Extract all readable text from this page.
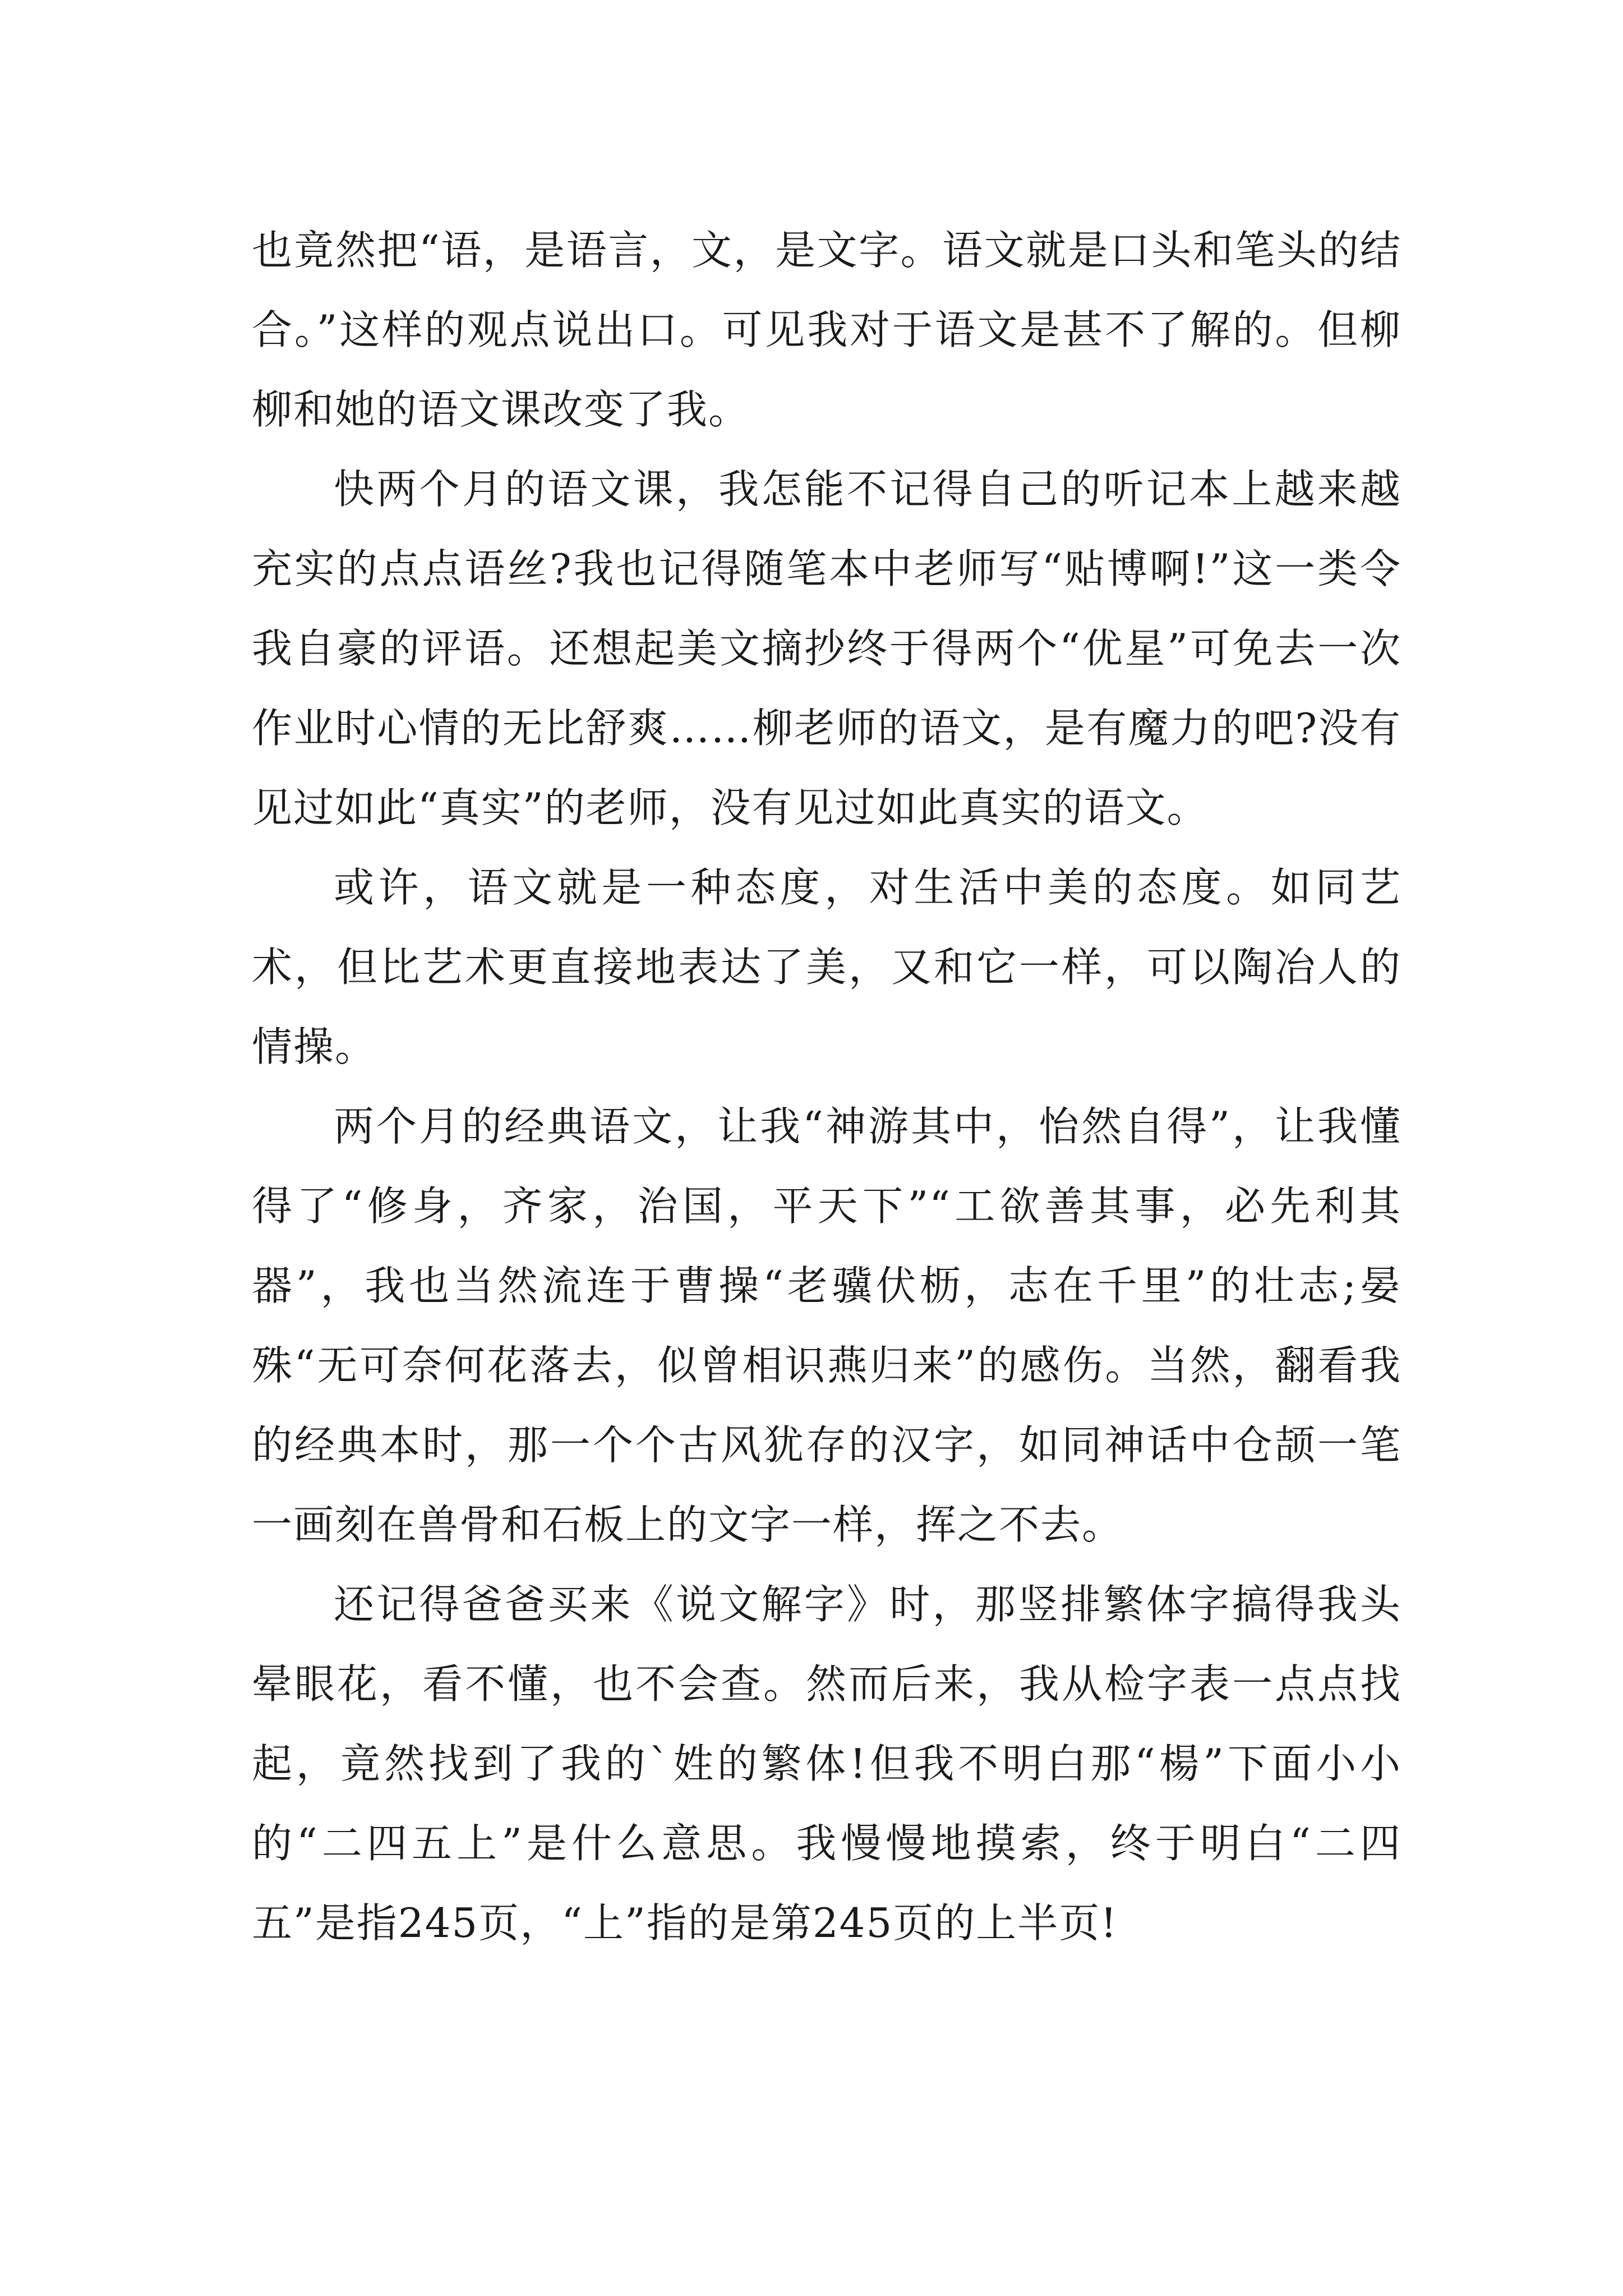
也竟然把“语，是语言，文，是文字。语文就是口头和笔头的结合。”这样的观点说出口。可见我对于语文是甚不了解的。但柳柳和她的语文课改变了我。

快两个月的语文课，我怎能不记得自己的听记本上越来越充实的点点语丝?我也记得随笔本中老师写“贴博啊!”这一类令我自豪的评语。还想起美文摘抄终于得两个“优星”可免去一次作业时心情的无比舒爽……柳老师的语文，是有魔力的吧?没有见过如此“真实”的老师，没有见过如此真实的语文。

或许，语文就是一种态度，对生活中美的态度。如同艺术，但比艺术更直接地表达了美，又和它一样，可以陶冶人的情操。

两个月的经典语文，让我“神游其中，怡然自得”，让我懂得了“修身，齐家，治国，平天下”“工欲善其事，必先利其器”，我也当然流连于曹操“老骥伏枥，志在千里”的壮志;晏殊“无可奈何花落去，似曾相识燕归来”的感伤。当然，翻看我的经典本时，那一个个古风犹存的汉字，如同神话中仓颉一笔一画刻在兽骨和石板上的文字一样，挥之不去。

还记得爸爸买来《说文解字》时，那竖排繁体字搞得我头晕眼花，看不懂，也不会查。然而后来，我从检字表一点点找起，竟然找到了我的`姓的繁体!但我不明白那“楊”下面小小的“二四五上”是什么意思。我慢慢地摸索，终于明白“二四五”是指245页，“上”指的是第245页的上半页!
